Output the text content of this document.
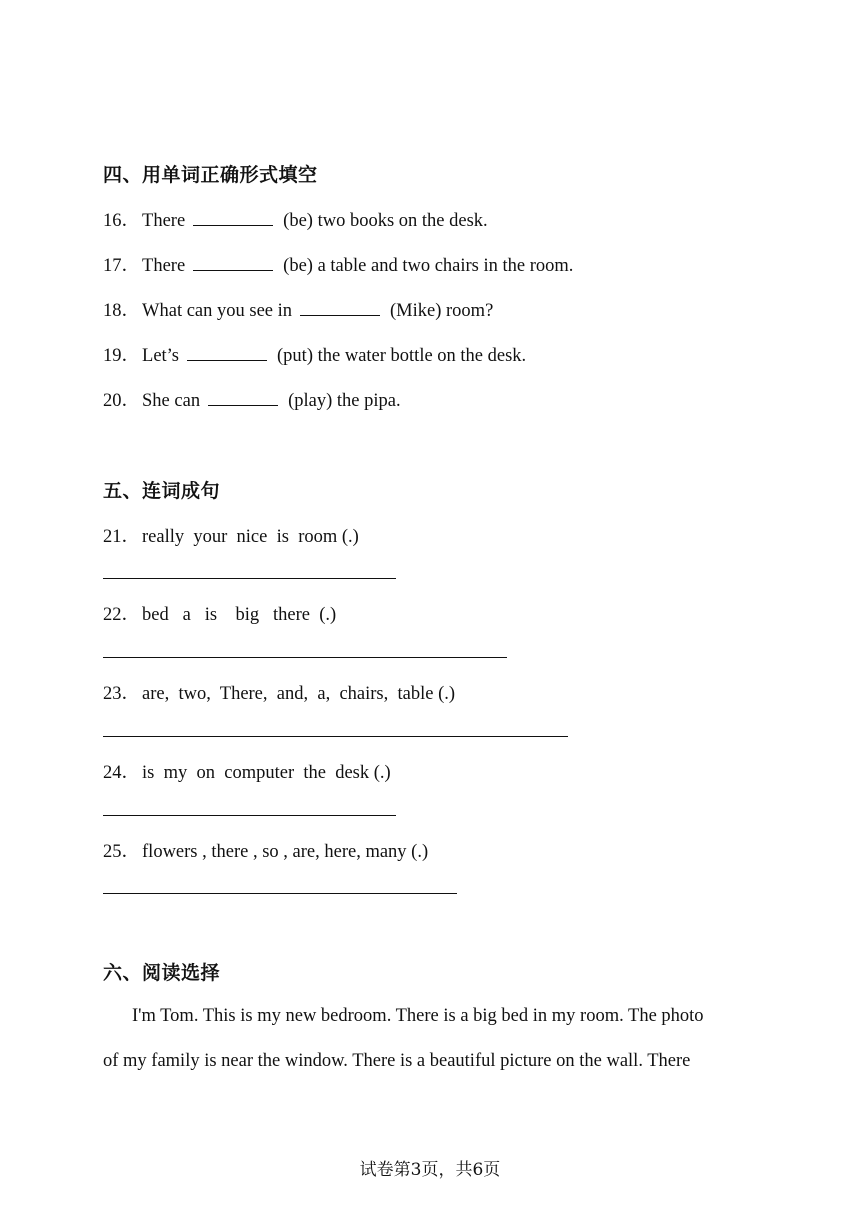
四、用单词正确形式填空
16． There	(be) two books on the desk.
17． There	(be) a table and two chairs in the room.
18． What can you see in	(Mike) room?
19． Let’s	(put) the water bottle on the desk.
20． She can	(play) the pipa.
五、连词成句
21． really  your  nice  is  room (.)
22． bed   a   is    big   there  (.)
23． are,  two,  There,  and,  a,  chairs,  table (.)
24． is  my  on  computer  the  desk (.)
25． flowers , there , so , are, here, many (.)
六、阅读选择
I'm Tom. This is my new bedroom. There is a big bed in my room. The photo
of my family is near the window. There is a beautiful picture on the wall. There
试卷第3页，共6页
